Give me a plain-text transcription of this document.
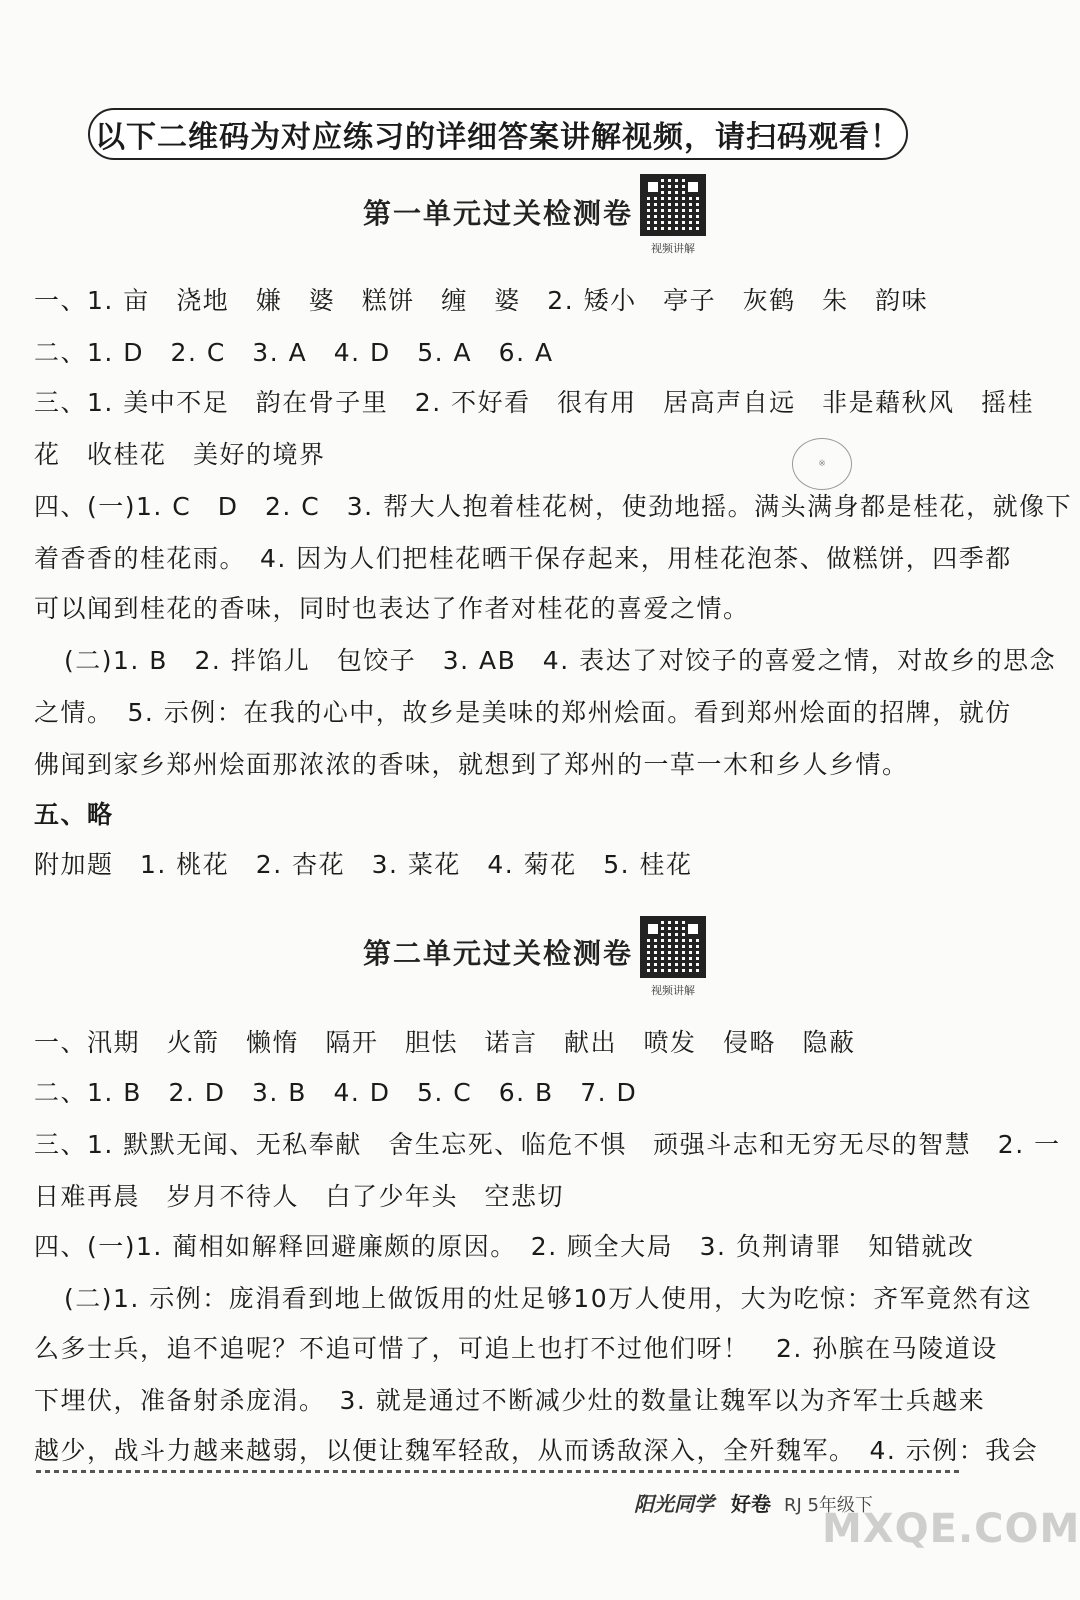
以下二维码为对应练习的详细答案讲解视频，请扫码观看！
第一单元过关检测卷
视频讲解
一、1. 亩　浇地　嫌　婆　糕饼　缠　婆　2. 矮小　亭子　灰鹤　朱　韵味
二、1. D　2. C　3. A　4. D　5. A　6. A
三、1. 美中不足　韵在骨子里　2. 不好看　很有用　居高声自远　非是藉秋风　摇桂
花　收桂花　美好的境界	※
四、(一)1. C　D　2. C　3. 帮大人抱着桂花树，使劲地摇。满头满身都是桂花，就像下
着香香的桂花雨。　4. 因为人们把桂花晒干保存起来，用桂花泡茶、做糕饼，四季都
可以闻到桂花的香味，同时也表达了作者对桂花的喜爱之情。
(二)1. B　2. 拌馅儿　包饺子　3. AB　4. 表达了对饺子的喜爱之情，对故乡的思念
之情。　5. 示例：在我的心中，故乡是美味的郑州烩面。看到郑州烩面的招牌，就仿
佛闻到家乡郑州烩面那浓浓的香味，就想到了郑州的一草一木和乡人乡情。
五、略
附加题　1. 桃花　2. 杏花　3. 菜花　4. 菊花　5. 桂花
第二单元过关检测卷
视频讲解
一、汛期　火箭　懒惰　隔开　胆怯　诺言　献出　喷发　侵略　隐蔽
二、1. B　2. D　3. B　4. D　5. C　6. B　7. D
三、1. 默默无闻、无私奉献　舍生忘死、临危不惧　顽强斗志和无穷无尽的智慧　2. 一
日难再晨　岁月不待人　白了少年头　空悲切
四、(一)1. 蔺相如解释回避廉颇的原因。　2. 顾全大局　3. 负荆请罪　知错就改
(二)1. 示例：庞涓看到地上做饭用的灶足够10万人使用，大为吃惊：齐军竟然有这
么多士兵，追不追呢？不追可惜了，可追上也打不过他们呀！　2. 孙膑在马陵道设
下埋伏，准备射杀庞涓。　3. 就是通过不断减少灶的数量让魏军以为齐军士兵越来
越少，战斗力越来越弱，以便让魏军轻敌，从而诱敌深入，全歼魏军。　4. 示例：我会
阳光同学 好卷 RJ 5年级下
MXQE.COM
